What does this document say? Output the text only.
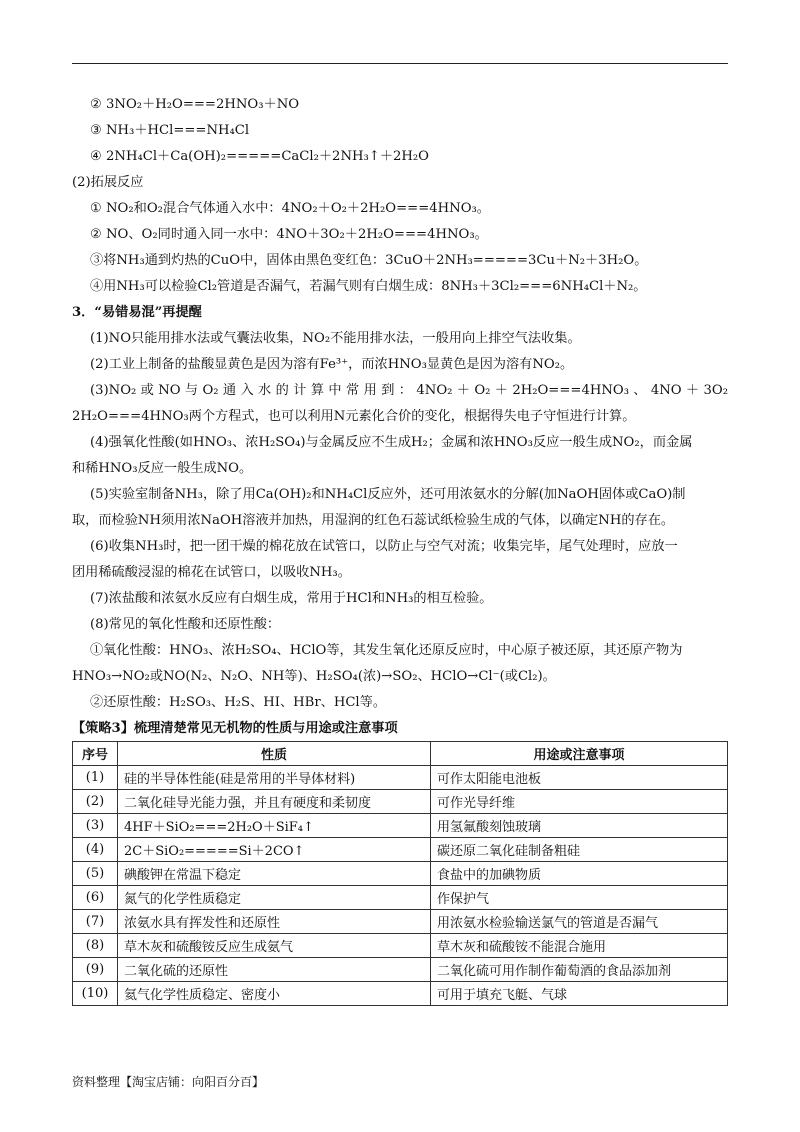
② 3NO₂＋H₂O===2HNO₃＋NO
③ NH₃＋HCl===NH₄Cl
④ 2NH₄Cl＋Ca(OH)₂=====CaCl₂＋2NH₃↑＋2H₂O
(2)拓展反应
① NO₂和O₂混合气体通入水中：4NO₂＋O₂＋2H₂O===4HNO₃。
② NO、O₂同时通入同一水中：4NO＋3O₂＋2H₂O===4HNO₃。
③将NH₃通到灼热的CuO中，固体由黑色变红色：3CuO＋2NH₃=====3Cu＋N₂＋3H₂O。
④用NH₃可以检验Cl₂管道是否漏气，若漏气则有白烟生成：8NH₃＋3Cl₂===6NH₄Cl＋N₂。
3．“易错易混”再提醒
(1)NO只能用排水法或气囊法收集，NO₂不能用排水法，一般用向上排空气法收集。
(2)工业上制备的盐酸显黄色是因为溶有Fe³⁺，而浓HNO₃显黄色是因为溶有NO₂。
(3)NO₂ 或 NO 与 O₂ 通 入 水 的 计 算 中 常 用 到 ： 4NO₂ ＋ O₂ ＋ 2H₂O===4HNO₃ 、 4NO ＋ 3O₂
2H₂O===4HNO₃两个方程式，也可以利用N元素化合价的变化，根据得失电子守恒进行计算。
(4)强氧化性酸(如HNO₃、浓H₂SO₄)与金属反应不生成H₂；金属和浓HNO₃反应一般生成NO₂，而金属
和稀HNO₃反应一般生成NO。
(5)实验室制备NH₃，除了用Ca(OH)₂和NH₄Cl反应外，还可用浓氨水的分解(加NaOH固体或CaO)制
取，而检验NH须用浓NaOH溶液并加热，用湿润的红色石蕊试纸检验生成的气体，以确定NH的存在。
(6)收集NH₃时，把一团干燥的棉花放在试管口，以防止与空气对流；收集完毕，尾气处理时，应放一
团用稀硫酸浸湿的棉花在试管口，以吸收NH₃。
(7)浓盐酸和浓氨水反应有白烟生成，常用于HCl和NH₃的相互检验。
(8)常见的氧化性酸和还原性酸：
①氧化性酸：HNO₃、浓H₂SO₄、HClO等，其发生氧化还原反应时，中心原子被还原，其还原产物为
HNO₃→NO₂或NO(N₂、N₂O、NH等)、H₂SO₄(浓)→SO₂、HClO→Cl⁻(或Cl₂)。
②还原性酸：H₂SO₃、H₂S、HI、HBr、HCl等。
【策略3】梳理清楚常见无机物的性质与用途或注意事项
序号	性质	用途或注意事项
(1)	硅的半导体性能(硅是常用的半导体材料)	可作太阳能电池板
(2)	二氧化硅导光能力强，并且有硬度和柔韧度	可作光导纤维
(3)	4HF＋SiO₂===2H₂O＋SiF₄↑	用氢氟酸刻蚀玻璃
(4)	2C＋SiO₂=====Si＋2CO↑	碳还原二氧化硅制备粗硅
(5)	碘酸钾在常温下稳定	食盐中的加碘物质
(6)	氮气的化学性质稳定	作保护气
(7)	浓氨水具有挥发性和还原性	用浓氨水检验输送氯气的管道是否漏气
(8)	草木灰和硫酸铵反应生成氨气	草木灰和硫酸铵不能混合施用
(9)	二氧化硫的还原性	二氧化硫可用作制作葡萄酒的食品添加剂
(10)	氦气化学性质稳定、密度小	可用于填充飞艇、气球
资料整理【淘宝店铺：向阳百分百】
